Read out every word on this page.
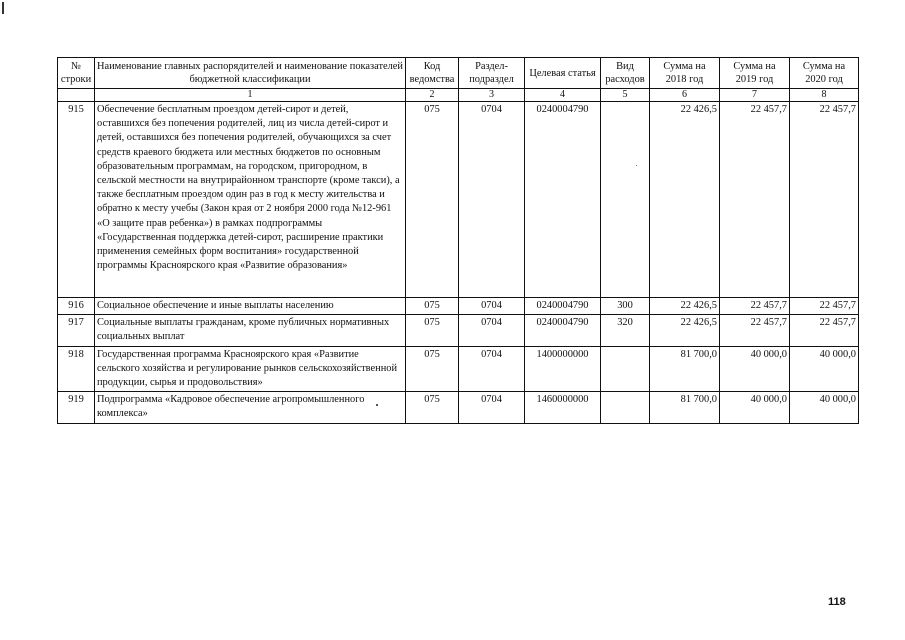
№ строки	Наименование главных распорядителей и наименование показателей бюджетной классификации	Код ведомства	Раздел-подраздел	Целевая статья	Вид расходов	Сумма на 2018 год	Сумма на 2019 год	Сумма на 2020 год
	1	2	3	4	5	6	7	8
915	Обеспечение бесплатным проездом детей-сирот и детей, оставшихся без попечения родителей, лиц из числа детей-сирот и детей, оставшихся без попечения родителей, обучающихся за счет средств краевого бюджета или местных бюджетов по основным образовательным программам, на городском, пригородном, в сельской местности на внутрирайонном транспорте (кроме такси), а также бесплатным проездом один раз в год к месту жительства и обратно к месту учебы (Закон края от 2 ноября 2000 года №12-961 «О защите прав ребенка») в рамках подпрограммы «Государственная поддержка детей-сирот, расширение практики применения семейных форм воспитания» государственной программы Красноярского края «Развитие образования»	075	0704	0240004790		22 426,5	22 457,7	22 457,7
916	Социальное обеспечение и иные выплаты населению	075	0704	0240004790	300	22 426,5	22 457,7	22 457,7
917	Социальные выплаты гражданам, кроме публичных нормативных социальных выплат	075	0704	0240004790	320	22 426,5	22 457,7	22 457,7
918	Государственная программа Красноярского края «Развитие сельского хозяйства и регулирование рынков сельскохозяйственной продукции, сырья и продовольствия»	075	0704	1400000000		81 700,0	40 000,0	40 000,0
919	Подпрограмма «Кадровое обеспечение агропромышленного комплекса»	075	0704	1460000000		81 700,0	40 000,0	40 000,0
118
